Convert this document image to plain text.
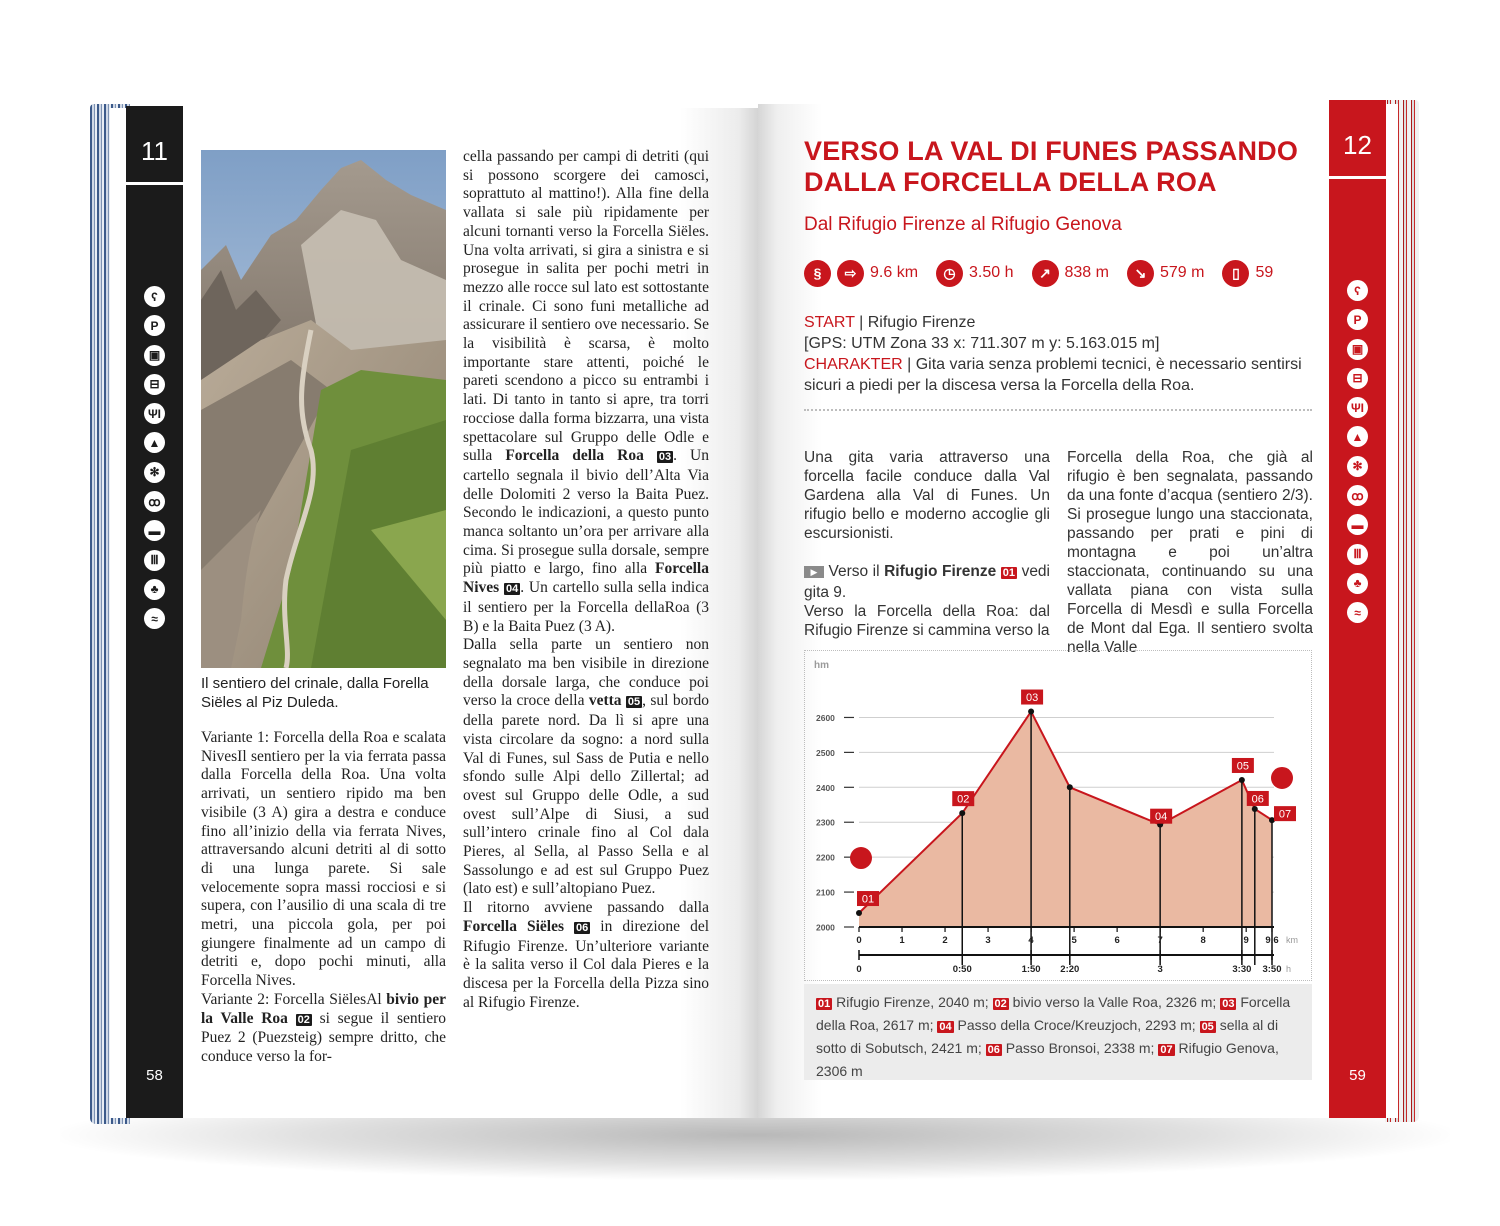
11
ʕ
P
▣
⊟
ΨI
▲
✻
ꝏ
▬
Ⅲ
♣
≈
58
Il sentiero del crinale, dalla Forella Siëles al Piz Duleda.

Variante 1: Forcella della Roa e scalata NivesIl sentiero per la via ferrata passa dalla Forcella della Roa. Una volta arrivati, un sentiero ripido ma ben visibile (3 A) gira a destra e conduce fino all’inizio della via ferrata Nives, attraversando alcuni detriti al di sotto di una lunga parete. Si sale velocemente sopra massi rocciosi e si supera, con l’ausilio di una scala di tre metri, una piccola gola, per poi giungere finalmente ad un campo di detriti e, dopo pochi minuti, alla Forcella Nives.

Variante 2: Forcella SiëlesAl bivio per la Valle Roa 02 si segue il sentiero Puez 2 (Puezsteig) sempre dritto, che conduce verso la for-

cella passando per campi di detriti (qui si possono scorgere dei camosci, soprattuto al mattino!). Alla fine della vallata si sale più ripidamente per alcuni tornanti verso la Forcella Siëles. Una volta arrivati, si gira a sinistra e si prosegue in salita per pochi metri in mezzo alle rocce sul lato est sottostante il crinale. Ci sono funi metalliche ad assicurare il sentiero ove necessario. Se la visibilità è scarsa, è molto importante stare attenti, poiché le pareti scendono a picco su entrambi i lati. Di tanto in tanto si apre, tra torri rocciose dalla forma bizzarra, una vista spettacolare sul Gruppo delle Odle e sulla Forcella della Roa 03 . Un cartello segnala il bivio dell’Alta Via delle Dolomiti 2 verso la Baita Puez. Secondo le indicazioni, a questo punto manca soltanto un’ora per arrivare alla cima. Si prosegue sulla dorsale, sempre più piatto e largo, fino alla Forcella Nives 04 . Un cartello sulla sella indica il sentiero per la Forcella dellaRoa (3 B) e la Baita Puez (3 A).

Dalla sella parte un sentiero non segnalato ma ben visibile in direzione della dorsale larga, che conduce poi verso la croce della vetta 05 , sul bordo della parete nord. Da lì si apre una vista circolare da sogno: a nord sulla Val di Funes, sul Sass de Putia e nello sfondo sulle Alpi dello Zillertal; ad ovest sul Gruppo delle Odle, a sud ovest sull’Alpe di Siusi, a sud sull’intero crinale fino al Col dala Pieres, al Sella, al Passo Sella e al Sassolungo e ad est sul Gruppo Puez (lato est) e sull’altopiano Puez.

Il ritorno avviene passando dalla Forcella Siëles 06 in direzione del Rifugio Firenze. Un’ulteriore variante è la salita verso il Col dala Pieres e la discesa per la Forcella della Pizza sino al Rifugio Firenze.

12
ʕ
P
▣
⊟
ΨI
▲
✻
ꝏ
▬
Ⅲ
♣
≈
59
VERSO LA VAL DI FUNES PASSANDO
DALLA FORCELLA DELLA ROA
Dal Rifugio Firenze al Rifugio Genova
§	⇨ 9.6 km	◷ 3.50 h	↗ 838 m	↘ 579 m	▯ 59
START | Rifugio Firenze
[GPS: UTM Zona 33 x: 711.307 m y: 5.163.015 m]
CHARAKTER | Gita varia senza problemi tecnici, è necessario sentirsi sicuri a piedi per la discesa versa la Forcella della Roa.

Una gita varia attraverso una forcella facile conduce dalla Val Gardena alla Val di Funes. Un rifugio bello e moderno accoglie gli escursionisti.

▶ Verso il Rifugio Firenze 01 vedi gita 9.

Verso la Forcella della Roa: dal Rifugio Firenze si cammina verso la

Forcella della Roa, che già al rifugio è ben segnalata, passando da una fonte d’acqua (sentiero 2/3). Si prosegue lungo una staccionata, passando per prati e pini di montagna e poi un’altra staccionata, continuando su una vallata piana con vista sulla Forcella di Mesdì e sulla Forcella de Mont dal Ega. Il sentiero svolta nella Valle

hm
2000
2100
2200
2300
2400
2500
2600
01
02
03
04
05
06
07
0	1	2	3	4	5	6	7	8	9 9,6 km
0	0:50	1:50 2:20	3	3:30 3:50 h
01 Rifugio Firenze, 2040 m; 02 bivio verso la Valle Roa, 2326 m; 03 Forcella della Roa, 2617 m; 04 Passo della Croce/Kreuzjoch, 2293 m; 05 sella al di sotto di Sobutsch, 2421 m; 06 Passo Bronsoi, 2338 m; 07 Rifugio Genova, 2306 m
